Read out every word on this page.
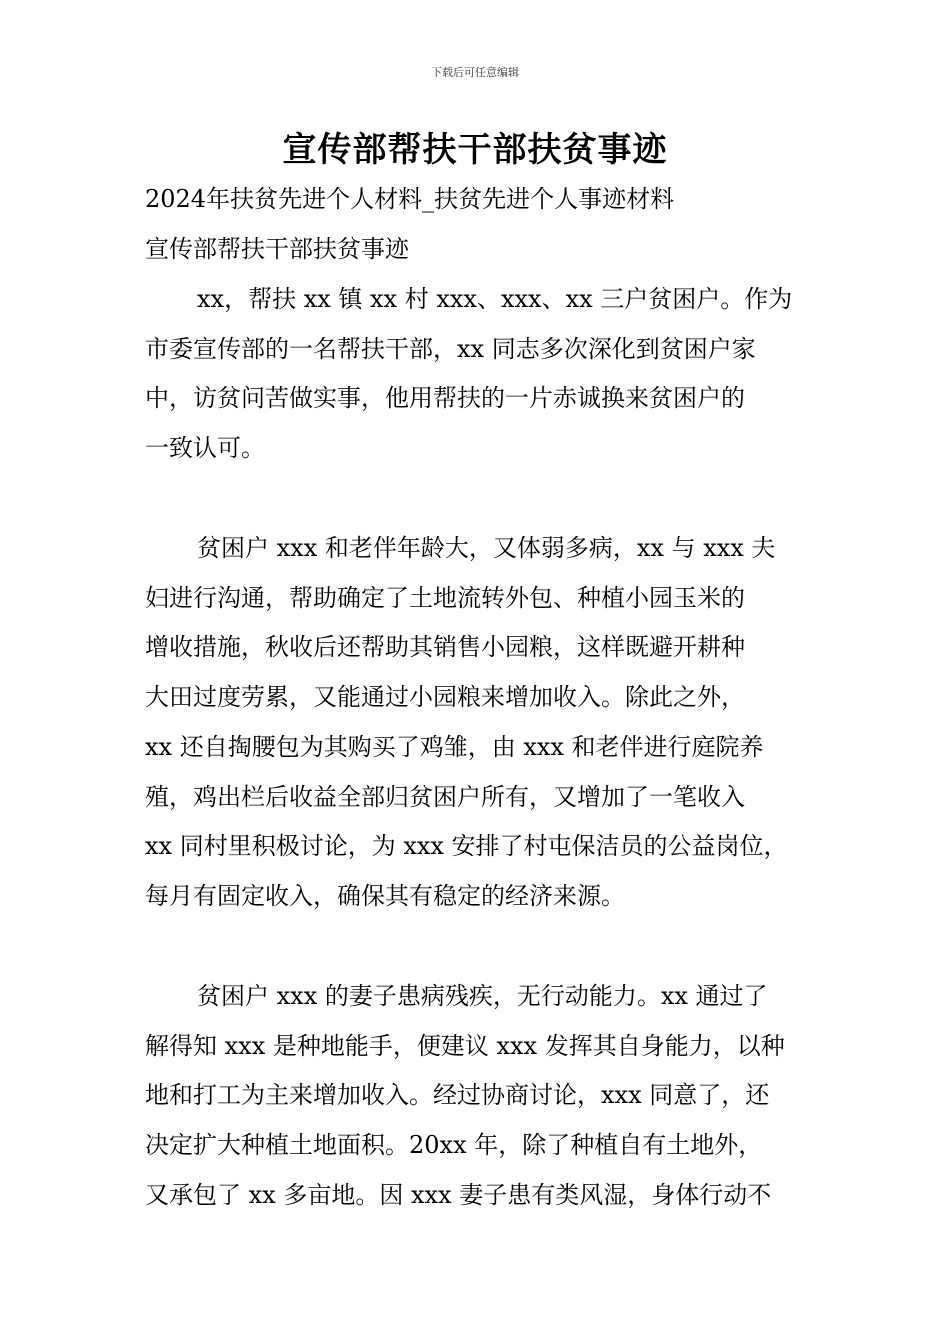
下载后可任意编辑
宣传部帮扶干部扶贫事迹
2024年扶贫先进个人材料_扶贫先进个人事迹材料
宣传部帮扶干部扶贫事迹
xx，帮扶 xx 镇 xx 村 xxx、xxx、xx 三户贫困户。作为
市委宣传部的一名帮扶干部，xx 同志多次深化到贫困户家
中，访贫问苦做实事，他用帮扶的一片赤诚换来贫困户的
一致认可。
贫困户 xxx 和老伴年龄大，又体弱多病，xx 与 xxx 夫
妇进行沟通，帮助确定了土地流转外包、种植小园玉米的
增收措施，秋收后还帮助其销售小园粮，这样既避开耕种
大田过度劳累，又能通过小园粮来增加收入。除此之外，
xx 还自掏腰包为其购买了鸡雏，由 xxx 和老伴进行庭院养
殖，鸡出栏后收益全部归贫困户所有，又增加了一笔收入
xx 同村里积极讨论，为 xxx 安排了村屯保洁员的公益岗位，
每月有固定收入，确保其有稳定的经济来源。
贫困户 xxx 的妻子患病残疾，无行动能力。xx 通过了
解得知 xxx 是种地能手，便建议 xxx 发挥其自身能力，以种
地和打工为主来增加收入。经过协商讨论，xxx 同意了，还
决定扩大种植土地面积。20xx 年，除了种植自有土地外，
又承包了 xx 多亩地。因 xxx 妻子患有类风湿，身体行动不
